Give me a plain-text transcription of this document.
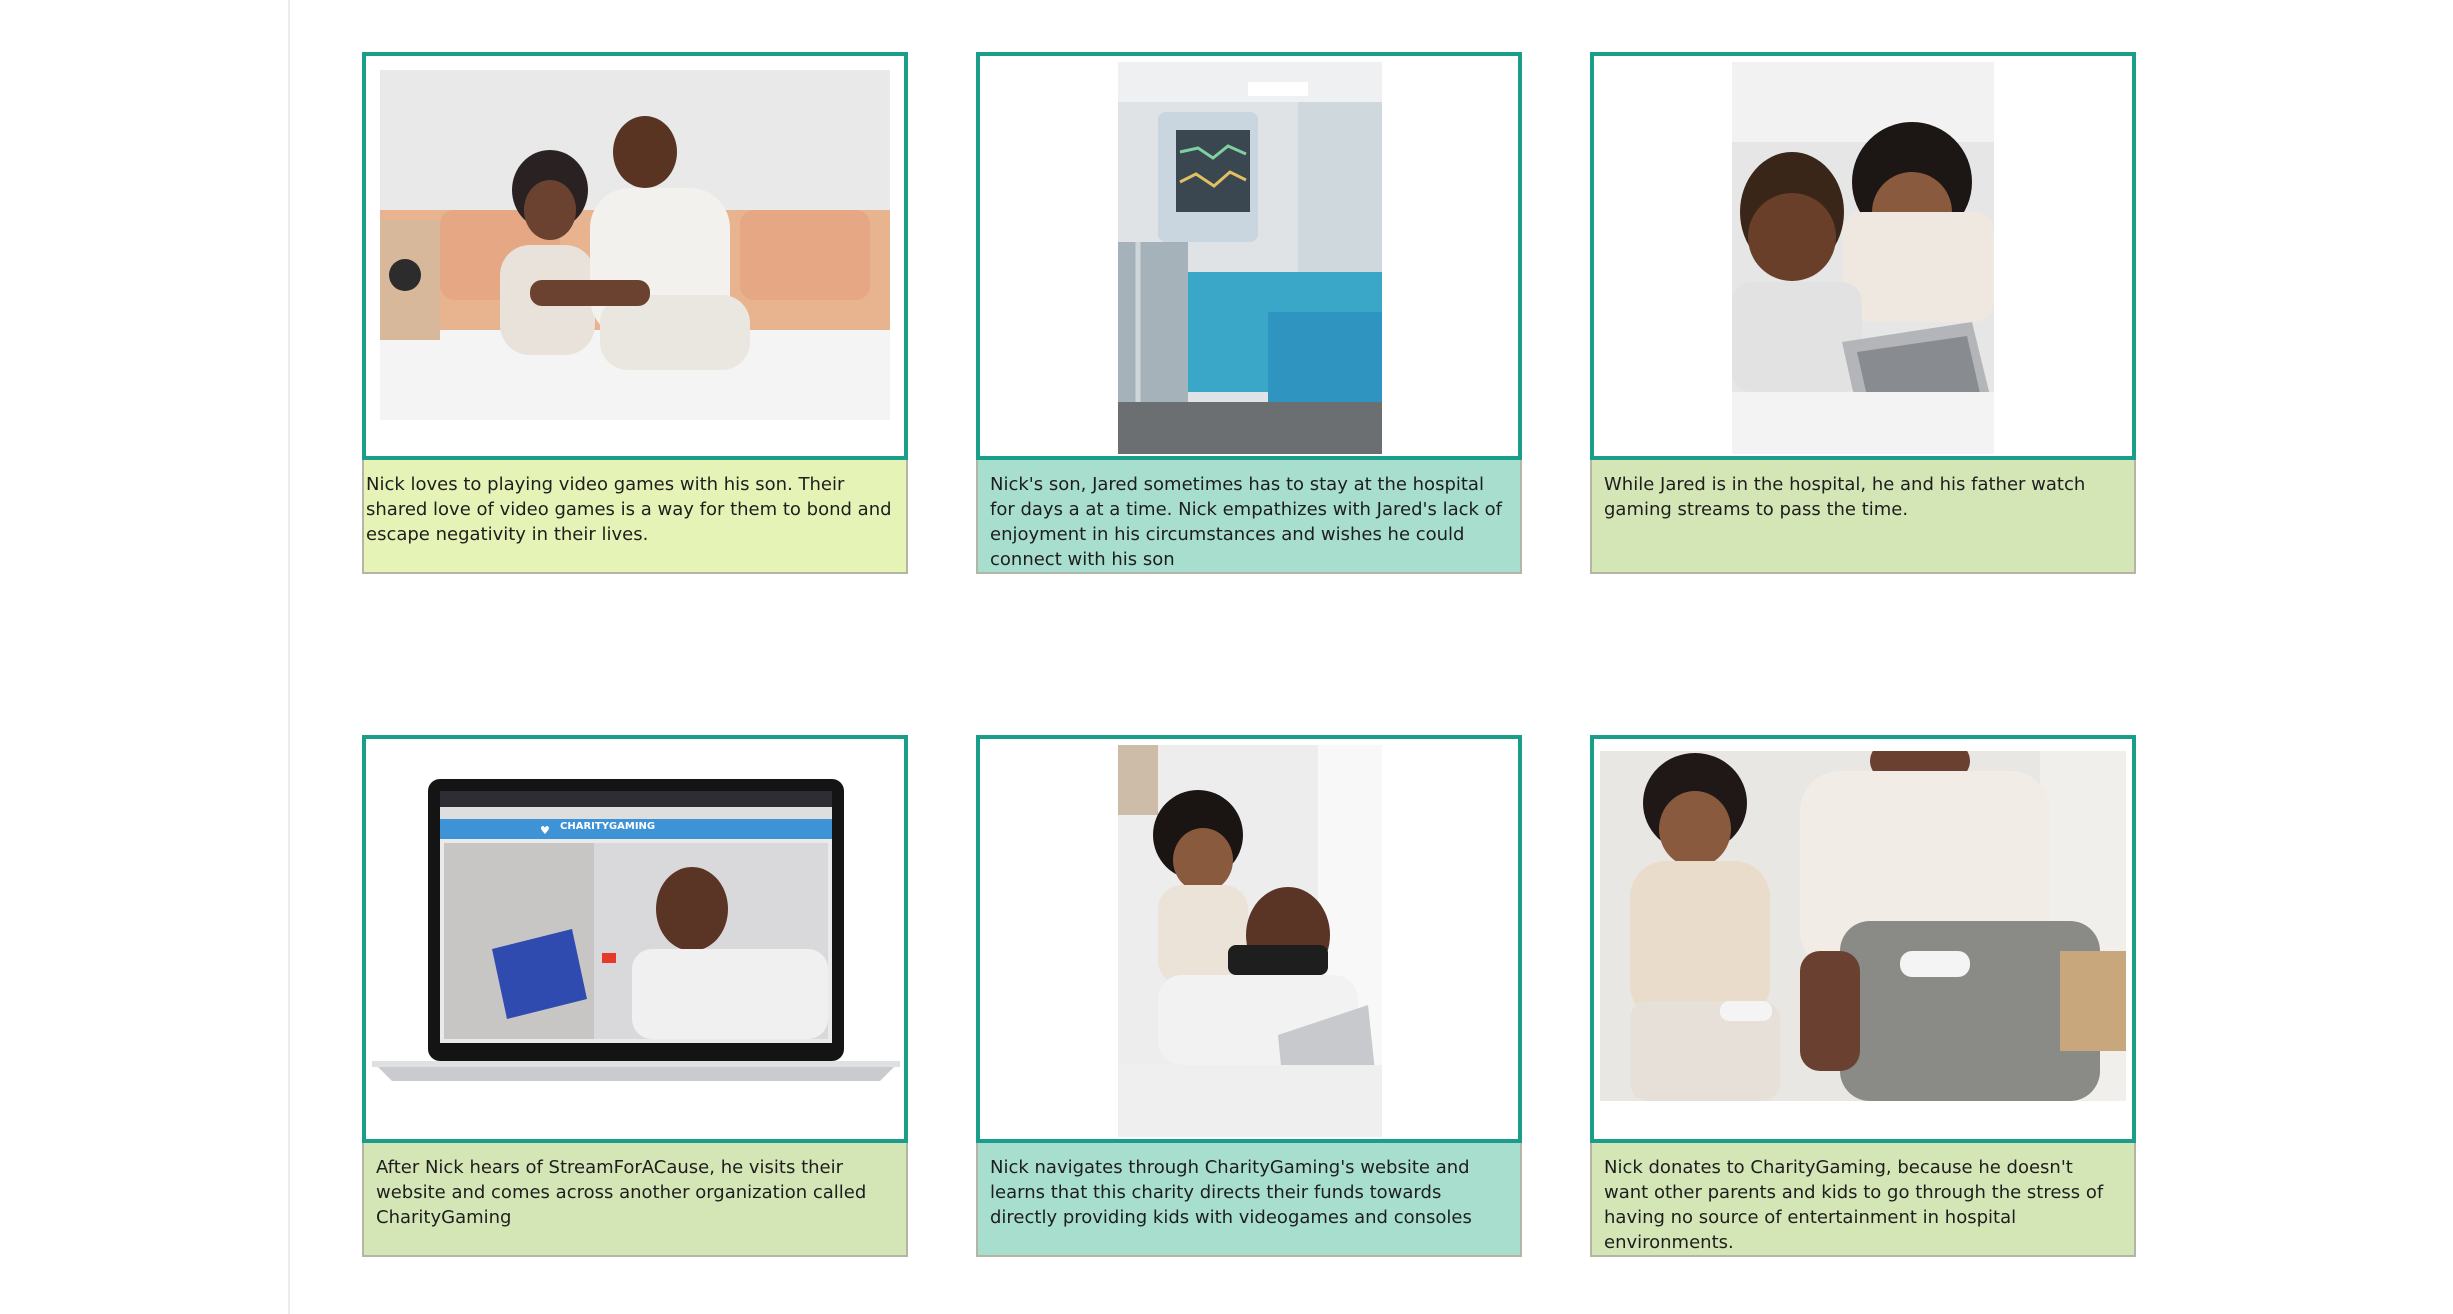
Nick loves to playing video games with his son. Their shared love of video games is a way for them to bond and escape negativity in their lives.
Nick's son, Jared sometimes has to stay at the hospital for days a at a time. Nick empathizes with Jared's lack of enjoyment in his circumstances and wishes he could connect with his son
While Jared is in the hospital, he and his father watch gaming streams to pass the time.
♥ CHARITYGAMING
After Nick hears of StreamForACause, he visits their website and comes across another organization called CharityGaming
Nick navigates through CharityGaming's website and learns that this charity directs their funds towards directly providing kids with videogames and consoles
Nick donates to CharityGaming, because he doesn't want other parents and kids to go through the stress of having no source of entertainment in hospital environments.
